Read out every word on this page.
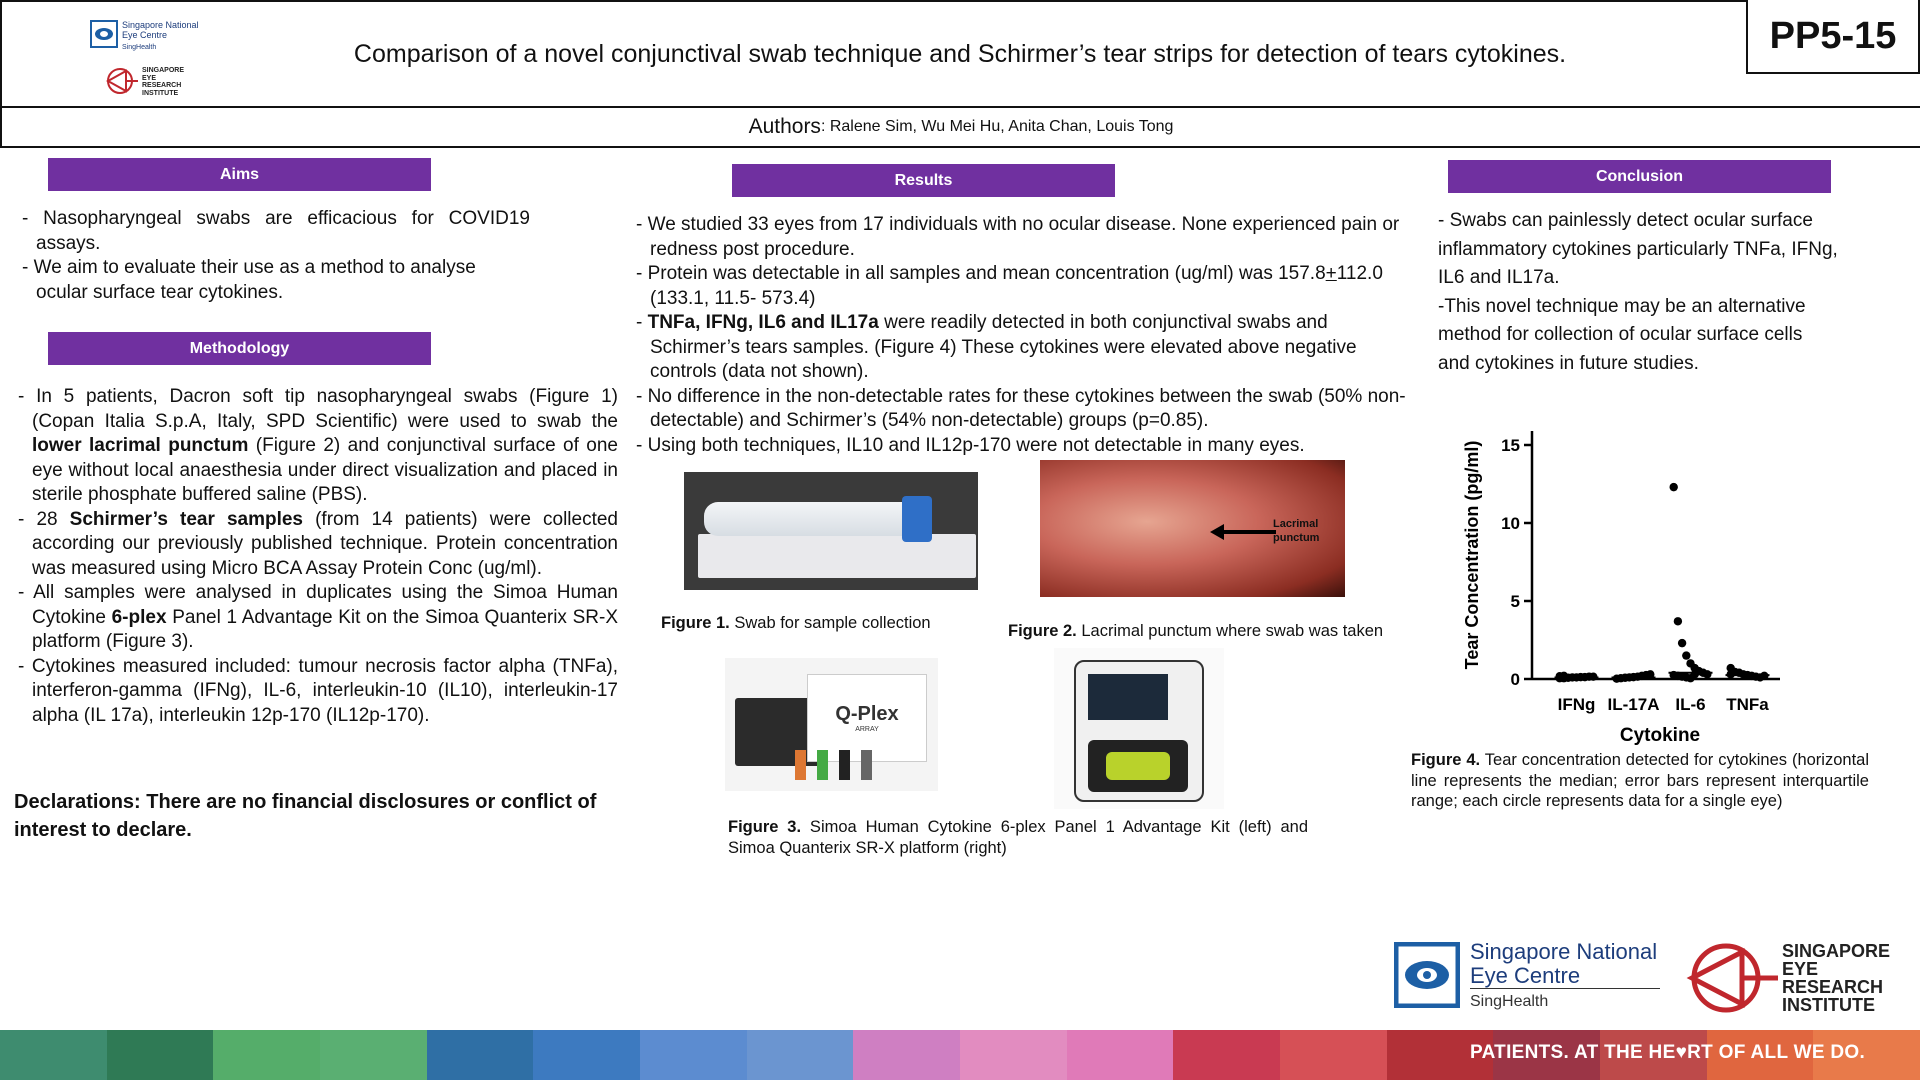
Singapore National
Eye Centre
SingHealth
SINGAPORE
EYE
RESEARCH
INSTITUTE
Comparison of a novel conjunctival swab technique and Schirmer’s tear strips for detection of tears cytokines.	PP5-15
Authors : Ralene Sim, Wu Mei Hu, Anita Chan, Louis Tong
Aims
- Nasopharyngeal swabs are efficacious for COVID19 assays.
- We aim to evaluate their use as a method to analyse ocular surface tear cytokines.
Methodology
- In 5 patients, Dacron soft tip nasopharyngeal swabs (Figure 1) (Copan Italia S.p.A, Italy, SPD Scientific) were used to swab the lower lacrimal punctum (Figure 2) and conjunctival surface of one eye without local anaesthesia under direct visualization and placed in sterile phosphate buffered saline (PBS).
- 28 Schirmer’s tear samples (from 14 patients) were collected according our previously published technique. Protein concentration was measured using Micro BCA Assay Protein Conc (ug/ml).
- All samples were analysed in duplicates using the Simoa Human Cytokine 6-plex Panel 1 Advantage Kit on the Simoa Quanterix SR-X platform (Figure 3).
- Cytokines measured included: tumour necrosis factor alpha (TNFa), interferon-gamma (IFNg), IL-6, interleukin-10 (IL10), interleukin-17 alpha (IL 17a), interleukin 12p-170 (IL12p-170).
Declarations: There are no financial disclosures or conflict of interest to declare.
Results
- We studied 33 eyes from 17 individuals with no ocular disease. None experienced pain or redness post procedure.
- Protein was detectable in all samples and mean concentration (ug/ml) was 157.8+112.0 (133.1, 11.5- 573.4)
- TNFa, IFNg, IL6 and IL17a were readily detected in both conjunctival swabs and Schirmer’s tears samples. (Figure 4) These cytokines were elevated above negative controls (data not shown).
- No difference in the non-detectable rates for these cytokines between the swab (50% non-detectable) and Schirmer’s (54% non-detectable) groups (p=0.85).
- Using both techniques, IL10 and IL12p-170 were not detectable in many eyes.
Figure 1. Swab for sample collection
Lacrimal
punctum
Figure 2. Lacrimal punctum where swab was taken
Q-Plex
ARRAY
Figure 3. Simoa Human Cytokine 6-plex Panel 1 Advantage Kit (left) and Simoa Quanterix SR-X platform (right)
Conclusion
- Swabs can painlessly detect ocular surface inflammatory cytokines particularly TNFa, IFNg, IL6 and IL17a.
-This novel technique may be an alternative method for collection of ocular surface cells and cytokines in future studies.
Tear Concentration (pg/ml)
Cytokine
0
5
10
15
IFNg IL-17A IL-6 TNFa
Figure 4. Tear concentration detected for cytokines (horizontal line represents the median; error bars represent interquartile range; each circle represents data for a single eye)
Singapore National
Eye Centre
SingHealth
SINGAPORE
EYE
RESEARCH
INSTITUTE
PATIENTS. AT THE HE♥RT OF ALL WE DO.
